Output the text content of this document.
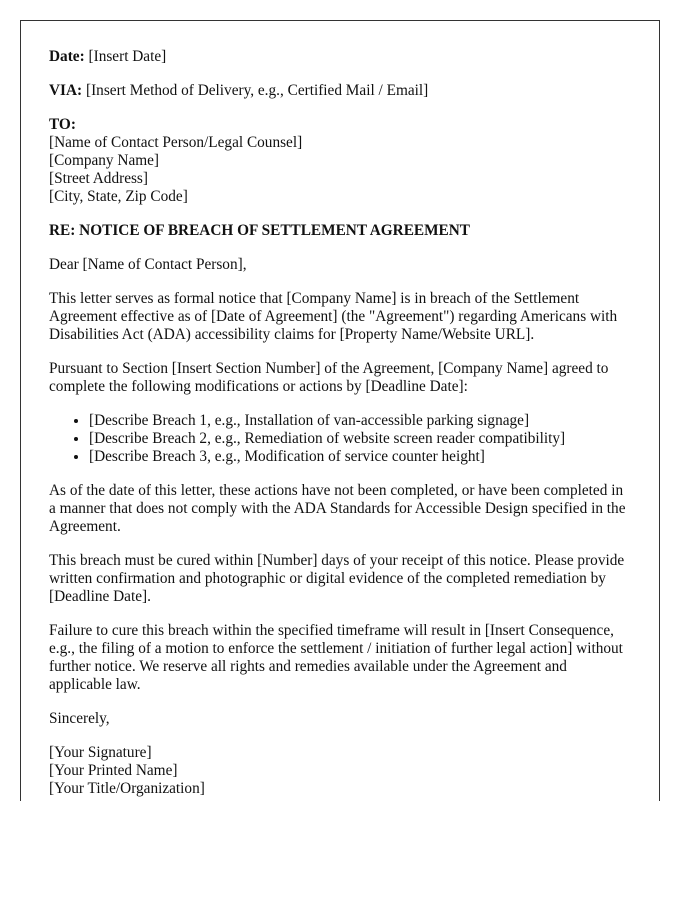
Date: [Insert Date]

VIA: [Insert Method of Delivery, e.g., Certified Mail / Email]

TO:
[Name of Contact Person/Legal Counsel]
[Company Name]
[Street Address]
[City, State, Zip Code]

RE: NOTICE OF BREACH OF SETTLEMENT AGREEMENT

Dear [Name of Contact Person],

This letter serves as formal notice that [Company Name] is in breach of the Settlement Agreement effective as of [Date of Agreement] (the "Agreement") regarding Americans with Disabilities Act (ADA) accessibility claims for [Property Name/Website URL].

Pursuant to Section [Insert Section Number] of the Agreement, [Company Name] agreed to complete the following modifications or actions by [Deadline Date]:

• [Describe Breach 1, e.g., Installation of van-accessible parking signage]
• [Describe Breach 2, e.g., Remediation of website screen reader compatibility]
• [Describe Breach 3, e.g., Modification of service counter height]

As of the date of this letter, these actions have not been completed, or have been completed in a manner that does not comply with the ADA Standards for Accessible Design specified in the Agreement.

This breach must be cured within [Number] days of your receipt of this notice. Please provide written confirmation and photographic or digital evidence of the completed remediation by [Deadline Date].

Failure to cure this breach within the specified timeframe will result in [Insert Consequence, e.g., the filing of a motion to enforce the settlement / initiation of further legal action] without further notice. We reserve all rights and remedies available under the Agreement and applicable law.

Sincerely,

[Your Signature]
[Your Printed Name]
[Your Title/Organization]
